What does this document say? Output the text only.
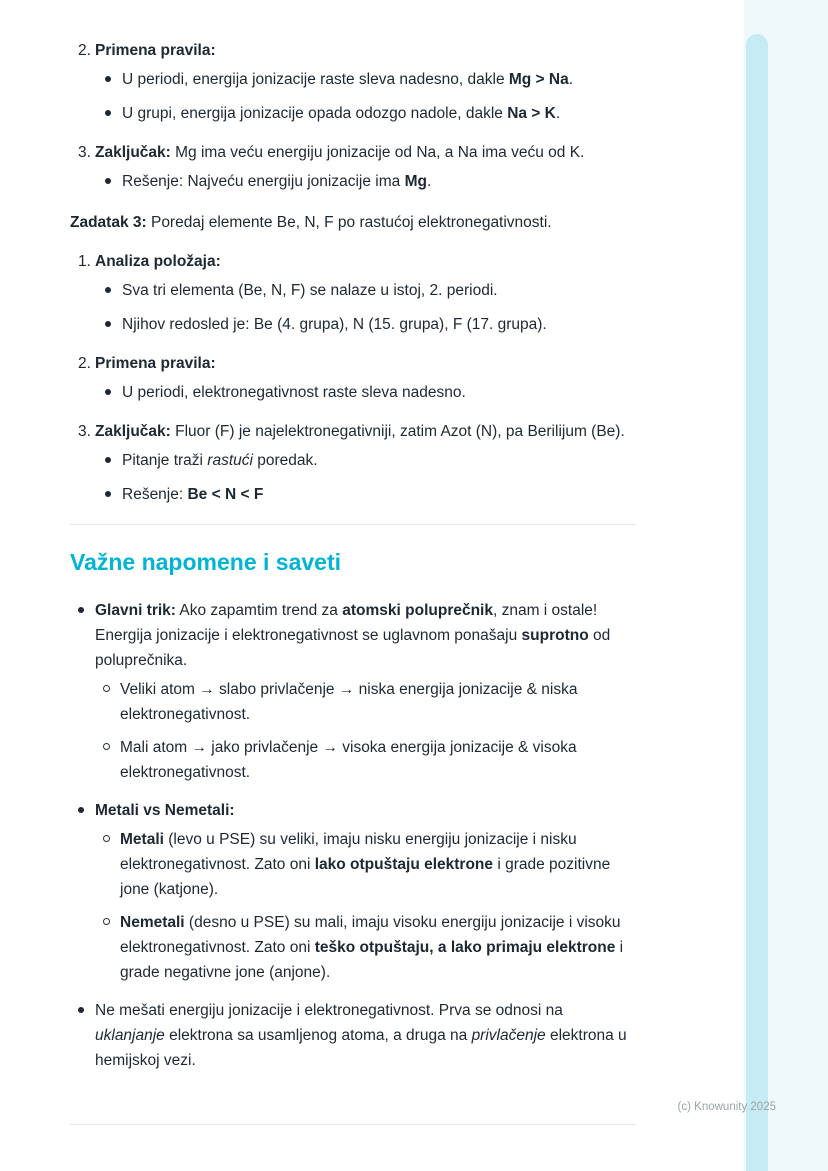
2. Primena pravila:

U periodi, energija jonizacije raste sleva nadesno, dakle Mg > Na.

U grupi, energija jonizacije opada odozgo nadole, dakle Na > K.

3. Zaključak: Mg ima veću energiju jonizacije od Na, a Na ima veću od K.

Rešenje: Najveću energiju jonizacije ima Mg.

Zadatak 3: Poredaj elemente Be, N, F po rastućoj elektronegativnosti.

1. Analiza položaja:

Sva tri elementa (Be, N, F) se nalaze u istoj, 2. periodi.

Njihov redosled je: Be (4. grupa), N (15. grupa), F (17. grupa).

2. Primena pravila:

U periodi, elektronegativnost raste sleva nadesno.

3. Zaključak: Fluor (F) je najelektronegativniji, zatim Azot (N), pa Berilijum (Be).

Pitanje traži rastući poredak.

Rešenje: Be < N < F

Važne napomene i saveti

Glavni trik: Ako zapamtim trend za atomski poluprečnik, znam i ostale! Energija jonizacije i elektronegativnost se uglavnom ponašaju suprotno od poluprečnika.

Veliki atom → slabo privlačenje → niska energija jonizacije & niska elektronegativnost.

Mali atom → jako privlačenje → visoka energija jonizacije & visoka elektronegativnost.

Metali vs Nemetali:

Metali (levo u PSE) su veliki, imaju nisku energiju jonizacije i nisku elektronegativnost. Zato oni lako otpuštaju elektrone i grade pozitivne jone (katjone).

Nemetali (desno u PSE) su mali, imaju visoku energiju jonizacije i visoku elektronegativnost. Zato oni teško otpuštaju, a lako primaju elektrone i grade negativne jone (anjone).

Ne mešati energiju jonizacije i elektronegativnost. Prva se odnosi na uklanjanje elektrona sa usamljenog atoma, a druga na privlačenje elektrona u hemijskoj vezi.

(c) Knowunity 2025
